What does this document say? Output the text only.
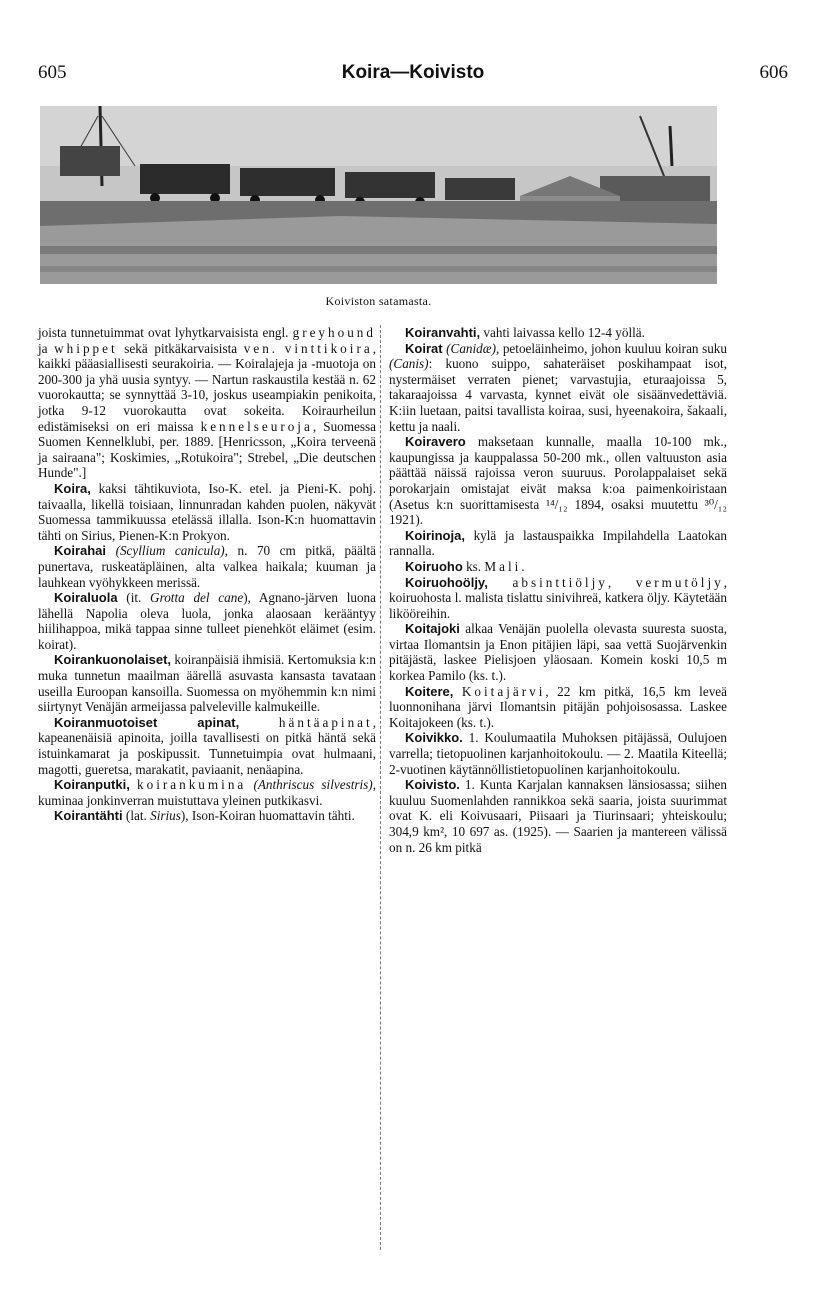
605	Koira—Koivisto	606
Koiviston satamasta.

joista tunnetuimmat ovat lyhytkarvaisista engl. greyhound ja whippet sekä pitkäkarvaisista ven. vinttikoira, kaikki pääasiallisesti seurakoiria. — Koiralajeja ja -muotoja on 200-300 ja yhä uusia syntyy. — Nartun raskaustila kestää n. 62 vuorokautta; se synnyttää 3-10, joskus useampiakin penikoita, jotka 9-12 vuorokautta ovat sokeita. Koiraurheilun edistämiseksi on eri maissa kennelseuroja, Suomessa Suomen Kennelklubi, per. 1889. [Henricsson, „Koira terveenä ja sairaana"; Koskimies, „Rotukoira"; Strebel, „Die deutschen Hunde".]

Koira, kaksi tähtikuviota, Iso-K. etel. ja Pieni-K. pohj. taivaalla, likellä toisiaan, linnunradan kahden puolen, näkyvät Suomessa tammikuussa etelässä illalla. Ison-K:n huomattavin tähti on Sirius, Pienen-K:n Prokyon.

Koirahai (Scyllium canicula), n. 70 cm pitkä, päältä punertava, ruskeatäpläinen, alta valkea haikala; kuuman ja lauhkean vyöhykkeen merissä.

Koiraluola (it. Grotta del cane), Agnano-järven luona lähellä Napolia oleva luola, jonka alaosaan kerääntyy hiilihappoa, mikä tappaa sinne tulleet pienehköt eläimet (esim. koirat).

Koirankuonolaiset, koiranpäisiä ihmisiä. Kertomuksia k:n muka tunnetun maailman äärellä asuvasta kansasta tavataan useilla Euroopan kansoilla. Suomessa on myöhemmin k:n nimi siirtynyt Venäjän armeijassa palveleville kalmukeille.

Koiranmuotoiset apinat,	häntäapinat, kapeanenäisiä apinoita, joilla tavallisesti on pitkä häntä sekä istuinkamarat ja poskipussit. Tunnetuimpia ovat hulmaani, magotti, gueretsa, marakatit, paviaanit, nenäapina.

Koiranputki, koirankumina (Anthriscus silvestris), kuminaa jonkinverran muistuttava yleinen putkikasvi.

Koirantähti (lat. Sirius), Ison-Koiran huomattavin tähti.

Koiranvahti, vahti laivassa kello 12-4 yöllä.

Koirat (Canidæ), petoeläinheimo, johon kuuluu koiran suku (Canis): kuono suippo, sahateräiset poskihampaat isot, nystermäiset verraten pienet; varvastujia, eturaajoissa 5, takaraajoissa 4 varvasta, kynnet eivät ole sisäänvedettäviä. K:iin luetaan, paitsi tavallista koiraa, susi, hyeenakoira, šakaali, kettu ja naali.

Koiravero maksetaan kunnalle, maalla 10-100 mk., kaupungissa ja kauppalassa 50-200 mk., ollen valtuuston asia päättää näissä rajoissa veron suuruus. Porolappalaiset sekä porokarjain omistajat eivät maksa k:oa paimenkoiristaan (Asetus k:n suorittamisesta ¹⁴/₁₂ 1894, osaksi muutettu ³⁰/₁₂ 1921).

Koirinoja, kylä ja lastauspaikka Impilahdella Laatokan rannalla.

Koiruoho ks. Mali.

Koiruohoöljy, absinttiöljy, vermutöljy, koiruohosta l. malista tislattu sinivihreä, katkera öljy. Käytetään likööreihin.

Koitajoki alkaa Venäjän puolella olevasta suuresta suosta, virtaa Ilomantsin ja Enon pitäjien läpi, saa vettä Suojärvenkin pitäjästä, laskee Pielisjoen yläosaan. Komein koski 10,5 m korkea Pamilo (ks. t.).

Koitere, Koitajärvi, 22 km pitkä, 16,5 km leveä luonnonihana järvi Ilomantsin pitäjän pohjoisosassa. Laskee Koitajokeen (ks. t.).

Koivikko. 1. Koulumaatila Muhoksen pitäjässä, Oulujoen varrella; tietopuolinen karjanhoitokoulu. — 2. Maatila Kiteellä; 2-vuotinen käytännöllistietopuolinen karjanhoitokoulu.

Koivisto. 1. Kunta Karjalan kannaksen länsiosassa; siihen kuuluu Suomenlahden rannikkoa sekä saaria, joista suurimmat ovat K. eli Koivusaari, Piisaari ja Tiurinsaari; yhteiskoulu; 304,9 km², 10 697 as. (1925). — Saarien ja mantereen välissä on n. 26 km pitkä
